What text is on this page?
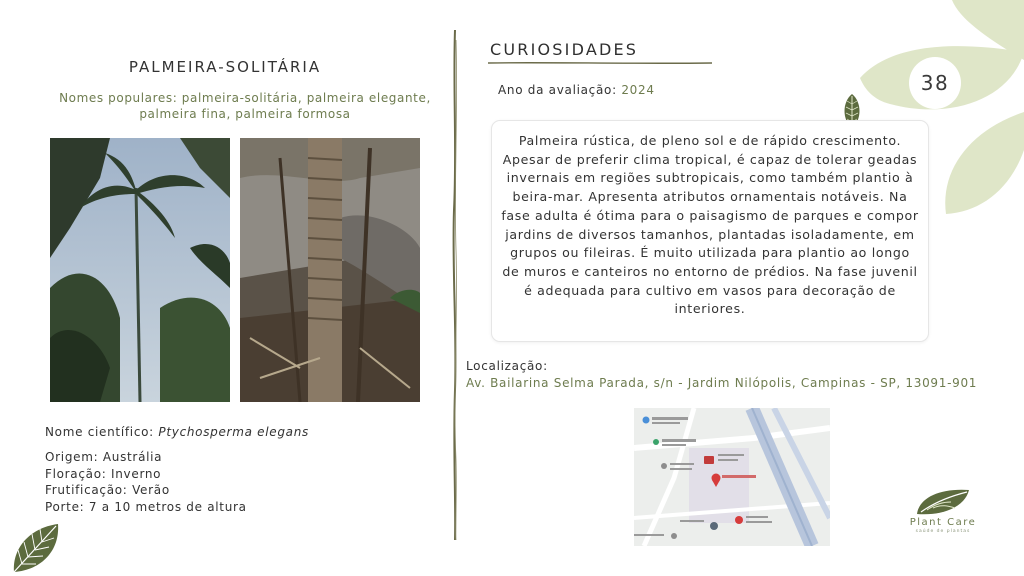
38
PALMEIRA-SOLITÁRIA
Nomes populares: palmeira-solitária, palmeira elegante, palmeira fina, palmeira formosa
Nome científico: Ptychosperma elegans
Origem: Austrália
Floração: Inverno
Frutificação: Verão
Porte: 7 a 10 metros de altura
CURIOSIDADES
Ano da avaliação: 2024

Palmeira rústica, de pleno sol e de rápido crescimento. Apesar de preferir clima tropical, é capaz de tolerar geadas invernais em regiões subtropicais, como também plantio à beira-mar. Apresenta atributos ornamentais notáveis. Na fase adulta é ótima para o paisagismo de parques e compor jardins de diversos tamanhos, plantadas isoladamente, em grupos ou fileiras. É muito utilizada para plantio ao longo de muros e canteiros no entorno de prédios. Na fase juvenil é adequada para cultivo em vasos para decoração de interiores.

Localização:
Av. Bailarina Selma Parada, s/n - Jardim Nilópolis, Campinas - SP, 13091-901
Plant Care
saúde de plantas
